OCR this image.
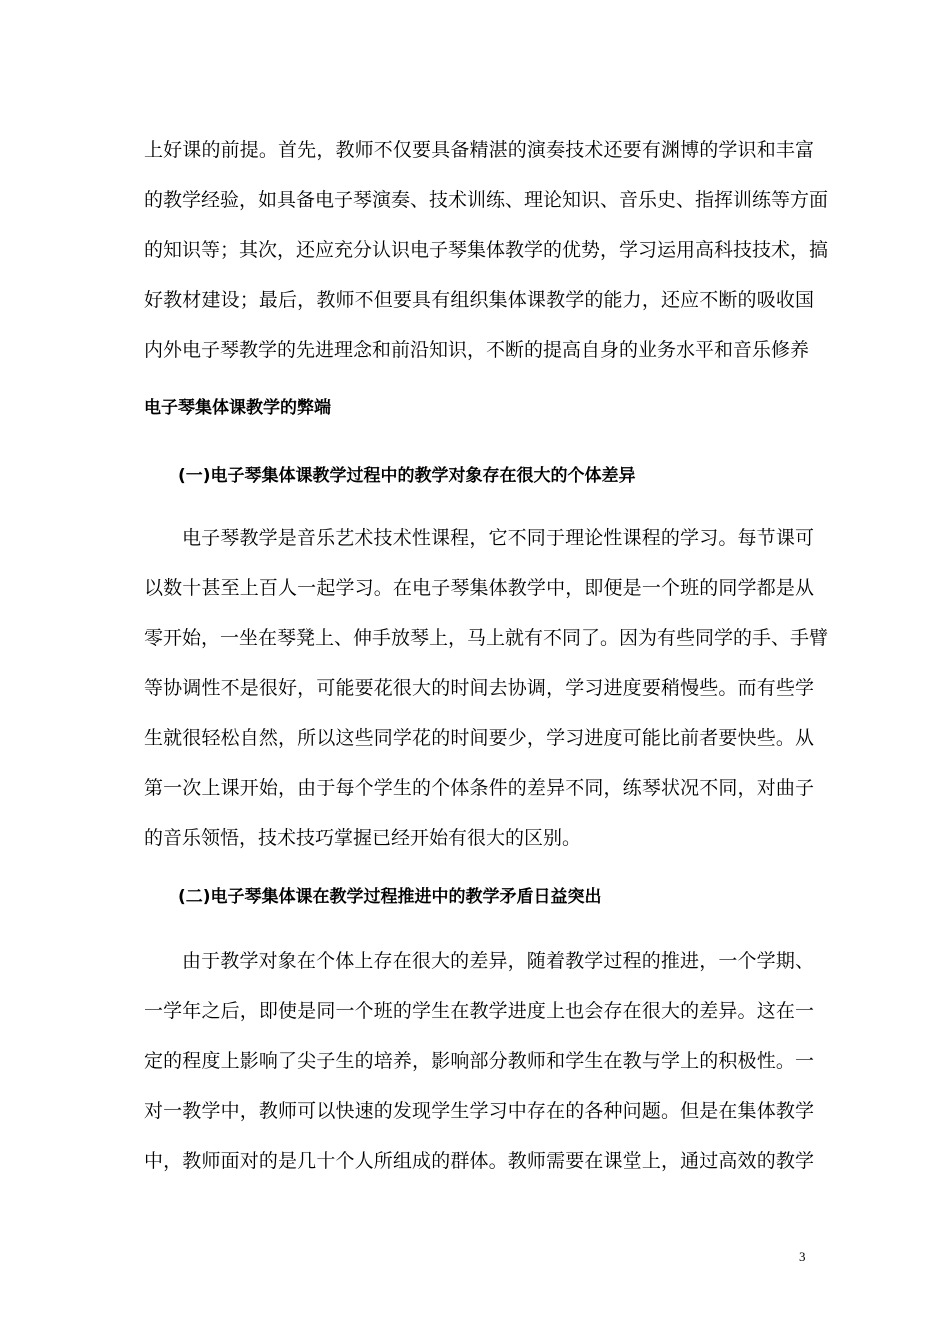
上好课的前提。首先，教师不仅要具备精湛的演奏技术还要有渊博的学识和丰富
的教学经验，如具备电子琴演奏、技术训练、理论知识、音乐史、指挥训练等方面
的知识等；其次，还应充分认识电子琴集体教学的优势，学习运用高科技技术，搞
好教材建设；最后，教师不但要具有组织集体课教学的能力，还应不断的吸收国
内外电子琴教学的先进理念和前沿知识，不断的提高自身的业务水平和音乐修养
电子琴集体课教学的弊端
(一)电子琴集体课教学过程中的教学对象存在很大的个体差异
电子琴教学是音乐艺术技术性课程，它不同于理论性课程的学习。每节课可
以数十甚至上百人一起学习。在电子琴集体教学中，即便是一个班的同学都是从
零开始，一坐在琴凳上、伸手放琴上，马上就有不同了。因为有些同学的手、手臂
等协调性不是很好，可能要花很大的时间去协调，学习进度要稍慢些。而有些学
生就很轻松自然，所以这些同学花的时间要少，学习进度可能比前者要快些。从
第一次上课开始，由于每个学生的个体条件的差异不同，练琴状况不同，对曲子
的音乐领悟，技术技巧掌握已经开始有很大的区别。
(二)电子琴集体课在教学过程推进中的教学矛盾日益突出
由于教学对象在个体上存在很大的差异，随着教学过程的推进，一个学期、
一学年之后，即使是同一个班的学生在教学进度上也会存在很大的差异。这在一
定的程度上影响了尖子生的培养，影响部分教师和学生在教与学上的积极性。一
对一教学中，教师可以快速的发现学生学习中存在的各种问题。但是在集体教学
中，教师面对的是几十个人所组成的群体。教师需要在课堂上，通过高效的教学
3
